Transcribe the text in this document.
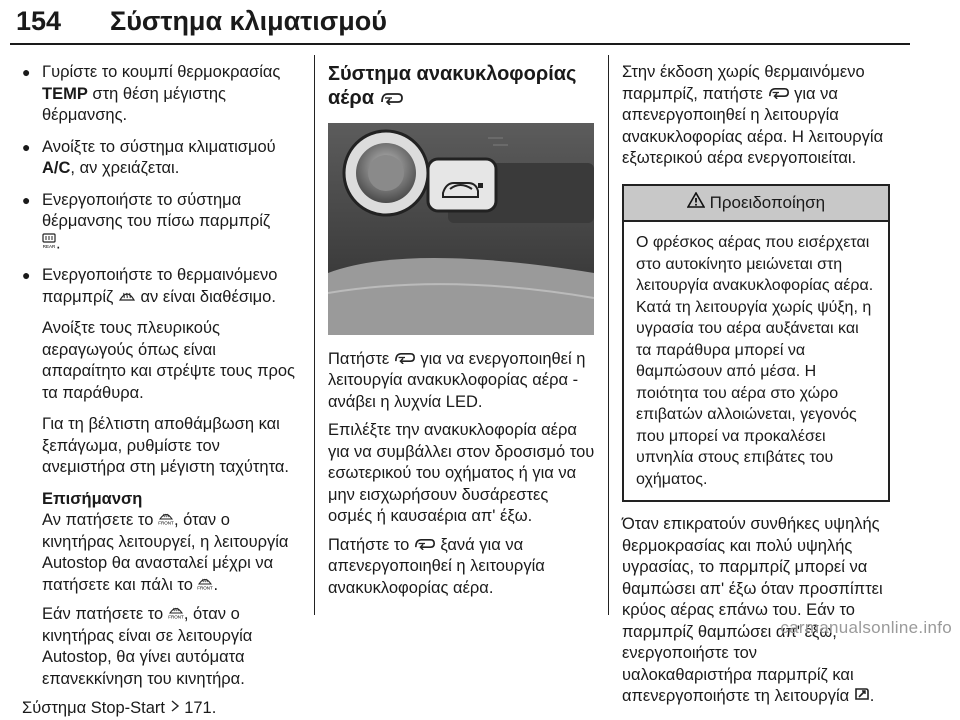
154 Σύστημα κλιματισμού
● Γυρίστε το κουμπί θερμοκρασίας TEMP στη θέση μέγιστης θέρμανσης.
● Ανοίξτε το σύστημα κλιματισμού A/C, αν χρειάζεται.
● Ενεργοποιήστε το σύστημα θέρμανσης του πίσω παρμπρίζ

REAR .
● Ενεργοποιήστε το θερμαινόμενο παρμπρίζ  αν είναι διαθέσιμο.
Ανοίξτε τους πλευρικούς αεραγωγούς όπως είναι απαραίτητο και στρέψτε τους προς τα παράθυρα.
Για τη βέλτιστη αποθάμβωση και ξεπάγωμα, ρυθμίστε τον ανεμιστήρα στη μέγιστη ταχύτητα.
Επισήμανση

Αν πατήσετε το FRONT , όταν ο κινητήρας λειτουργεί, η λειτουργία Autostop θα ανασταλεί μέχρι να πατήσετε και πάλι το FRONT .

Εάν πατήσετε το FRONT , όταν ο κινητήρας είναι σε λειτουργία Autostop, θα γίνει αυτόματα επανεκκίνηση του κινητήρα.

Σύστημα Stop-Start  171.
Σύστημα ανακυκλοφορίας αέρα

Πατήστε  για να ενεργοποιηθεί η λειτουργία ανακυκλοφορίας αέρα - ανάβει η λυχνία LED.

Επιλέξτε την ανακυκλοφορία αέρα για να συμβάλλει στον δροσισμό του εσωτερικού του οχήματος ή για να μην εισχωρήσουν δυσάρεστες οσμές ή καυσαέρια απ' έξω.

Πατήστε το  ξανά για να απενεργοποιηθεί η λειτουργία ανακυκλοφορίας αέρα.

Στην έκδοση χωρίς θερμαινόμενο παρμπρίζ, πατήστε  για να απενεργοποιηθεί η λειτουργία ανακυκλοφορίας αέρα. Η λειτουργία εξωτερικού αέρα ενεργοποιείται.

Προειδοποίηση
Ο φρέσκος αέρας που εισέρχεται στο αυτοκίνητο μειώνεται στη λειτουργία ανακυκλοφορίας αέρα. Κατά τη λειτουργία χωρίς ψύξη, η υγρασία του αέρα αυξάνεται και τα παράθυρα μπορεί να θαμπώσουν από μέσα. Η ποιότητα του αέρα στο χώρο επιβατών αλλοιώνεται, γεγονός που μπορεί να προκαλέσει υπνηλία στους επιβάτες του οχήματος.

Όταν επικρατούν συνθήκες υψηλής θερμοκρασίας και πολύ υψηλής υγρασίας, το παρμπρίζ μπορεί να θαμπώσει απ' έξω όταν προσπίπτει κρύος αέρας επάνω του. Εάν το παρμπρίζ θαμπώσει απ' έξω, ενεργοποιήστε τον υαλοκαθαριστήρα παρμπρίζ και απενεργοποιήστε τη λειτουργία .

carmanualsonline.info
